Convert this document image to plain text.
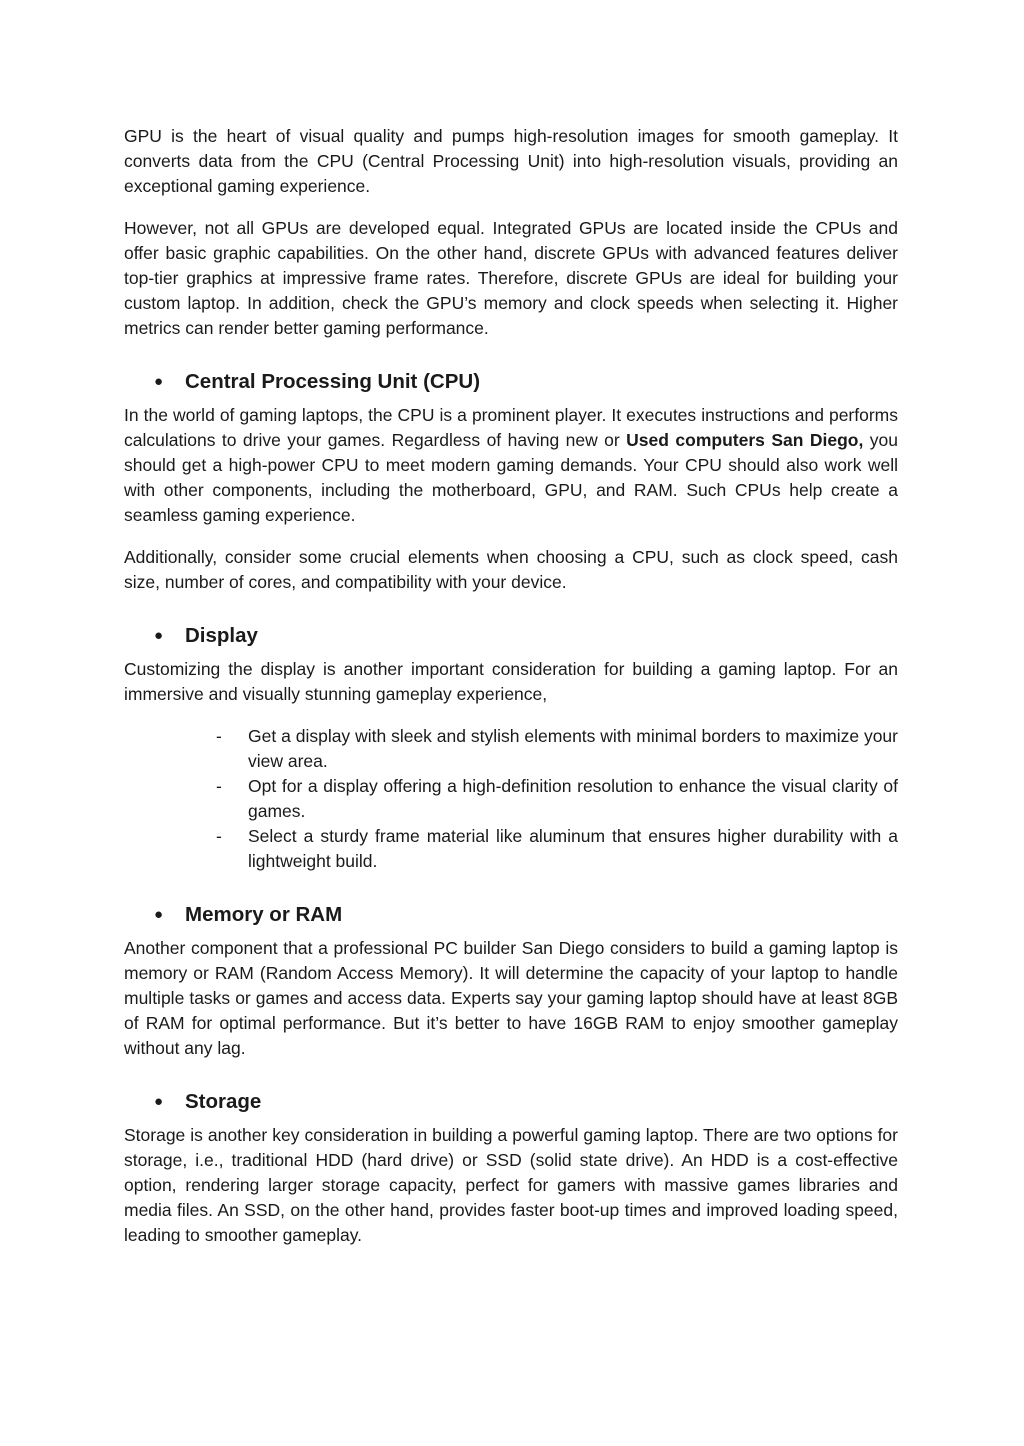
GPU is the heart of visual quality and pumps high-resolution images for smooth gameplay. It converts data from the CPU (Central Processing Unit) into high-resolution visuals, providing an exceptional gaming experience.

However, not all GPUs are developed equal. Integrated GPUs are located inside the CPUs and offer basic graphic capabilities. On the other hand, discrete GPUs with advanced features deliver top-tier graphics at impressive frame rates. Therefore, discrete GPUs are ideal for building your custom laptop. In addition, check the GPU’s memory and clock speeds when selecting it. Higher metrics can render better gaming performance.

●	Central Processing Unit (CPU)

In the world of gaming laptops, the CPU is a prominent player. It executes instructions and performs calculations to drive your games. Regardless of having new or Used computers San Diego, you should get a high-power CPU to meet modern gaming demands. Your CPU should also work well with other components, including the motherboard, GPU, and RAM. Such CPUs help create a seamless gaming experience.

Additionally, consider some crucial elements when choosing a CPU, such as clock speed, cash size, number of cores, and compatibility with your device.

●	Display

Customizing the display is another important consideration for building a gaming laptop. For an immersive and visually stunning gameplay experience,

-	Get a display with sleek and stylish elements with minimal borders to maximize your view area.
-	Opt for a display offering a high-definition resolution to enhance the visual clarity of games.
-	Select a sturdy frame material like aluminum that ensures higher durability with a lightweight build.
●	Memory or RAM

Another component that a professional PC builder San Diego considers to build a gaming laptop is memory or RAM (Random Access Memory). It will determine the capacity of your laptop to handle multiple tasks or games and access data. Experts say your gaming laptop should have at least 8GB of RAM for optimal performance. But it’s better to have 16GB RAM to enjoy smoother gameplay without any lag.

●	Storage

Storage is another key consideration in building a powerful gaming laptop. There are two options for storage, i.e., traditional HDD (hard drive) or SSD (solid state drive). An HDD is a cost-effective option, rendering larger storage capacity, perfect for gamers with massive games libraries and media files. An SSD, on the other hand, provides faster boot-up times and improved loading speed, leading to smoother gameplay.
